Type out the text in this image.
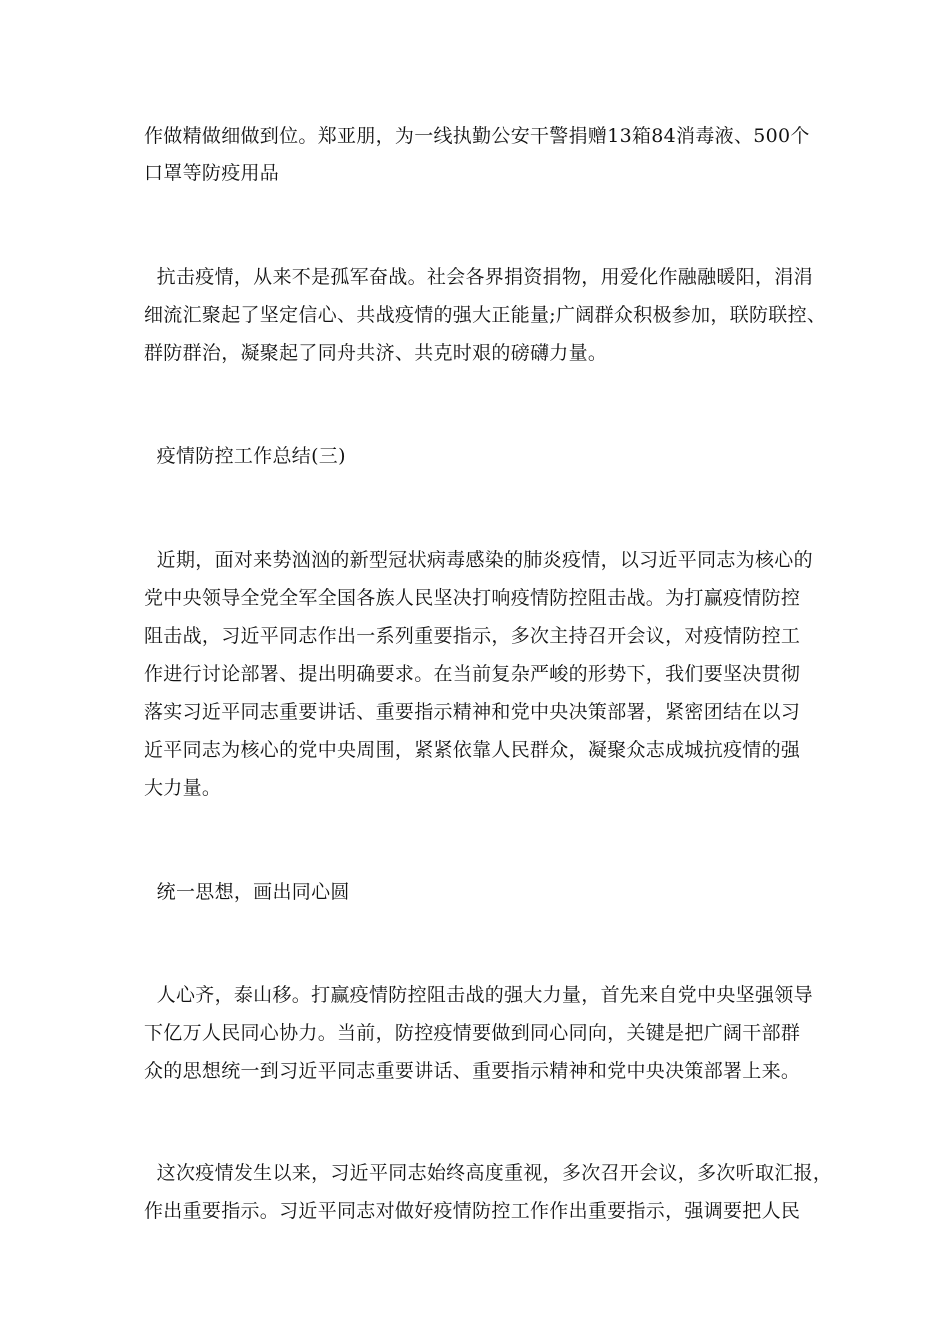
作做精做细做到位。郑亚朋，为一线执勤公安干警捐赠13箱84消毒液、500个
口罩等防疫用品
抗击疫情，从来不是孤军奋战。社会各界捐资捐物，用爱化作融融暖阳，涓涓
细流汇聚起了坚定信心、共战疫情的强大正能量;广阔群众积极参加，联防联控、
群防群治，凝聚起了同舟共济、共克时艰的磅礴力量。
疫情防控工作总结(三)
近期，面对来势汹汹的新型冠状病毒感染的肺炎疫情，以习近平同志为核心的
党中央领导全党全军全国各族人民坚决打响疫情防控阻击战。为打赢疫情防控
阻击战，习近平同志作出一系列重要指示，多次主持召开会议，对疫情防控工
作进行讨论部署、提出明确要求。在当前复杂严峻的形势下，我们要坚决贯彻
落实习近平同志重要讲话、重要指示精神和党中央决策部署，紧密团结在以习
近平同志为核心的党中央周围，紧紧依靠人民群众，凝聚众志成城抗疫情的强
大力量。
统一思想，画出同心圆
人心齐，泰山移。打赢疫情防控阻击战的强大力量，首先来自党中央坚强领导
下亿万人民同心协力。当前，防控疫情要做到同心同向，关键是把广阔干部群
众的思想统一到习近平同志重要讲话、重要指示精神和党中央决策部署上来。
这次疫情发生以来，习近平同志始终高度重视，多次召开会议，多次听取汇报，
作出重要指示。习近平同志对做好疫情防控工作作出重要指示，强调要把人民
